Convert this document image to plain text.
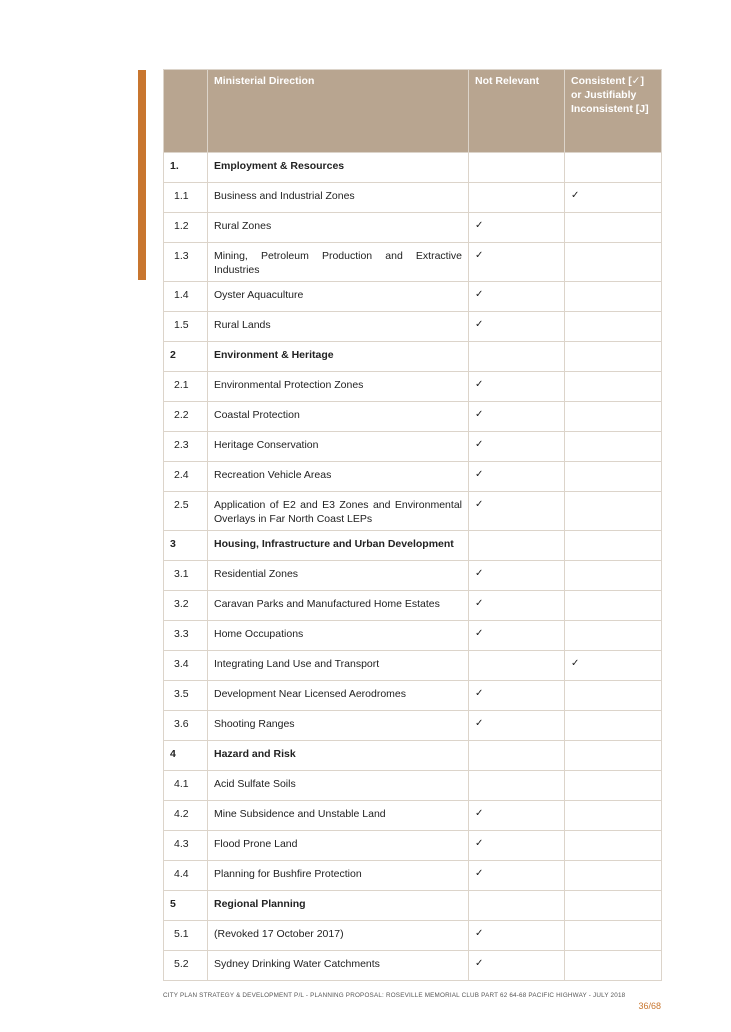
	Ministerial Direction	Not Relevant	Consistent [✓] or Justifiably Inconsistent [J]
1.	Employment & Resources		
1.1	Business and Industrial Zones		✓
1.2	Rural Zones	✓	
1.3	Mining, Petroleum Production and Extractive Industries	✓	
1.4	Oyster Aquaculture	✓	
1.5	Rural Lands	✓	
2	Environment & Heritage		
2.1	Environmental Protection Zones	✓	
2.2	Coastal Protection	✓	
2.3	Heritage Conservation	✓	
2.4	Recreation Vehicle Areas	✓	
2.5	Application of E2 and E3 Zones and Environmental Overlays in Far North Coast LEPs	✓	
3	Housing, Infrastructure and Urban Development		
3.1	Residential Zones	✓	
3.2	Caravan Parks and Manufactured Home Estates	✓	
3.3	Home Occupations	✓	
3.4	Integrating Land Use and Transport		✓
3.5	Development Near Licensed Aerodromes	✓	
3.6	Shooting Ranges	✓	
4	Hazard and Risk		
4.1	Acid Sulfate Soils		
4.2	Mine Subsidence and Unstable Land	✓	
4.3	Flood Prone Land	✓	
4.4	Planning for Bushfire Protection	✓	
5	Regional Planning		
5.1	(Revoked 17 October 2017)	✓	
5.2	Sydney Drinking Water Catchments	✓	
CITY PLAN STRATEGY & DEVELOPMENT P/L - PLANNING PROPOSAL: ROSEVILLE MEMORIAL CLUB PART 62 64-68 PACIFIC HIGHWAY - JULY 2018
36/68
